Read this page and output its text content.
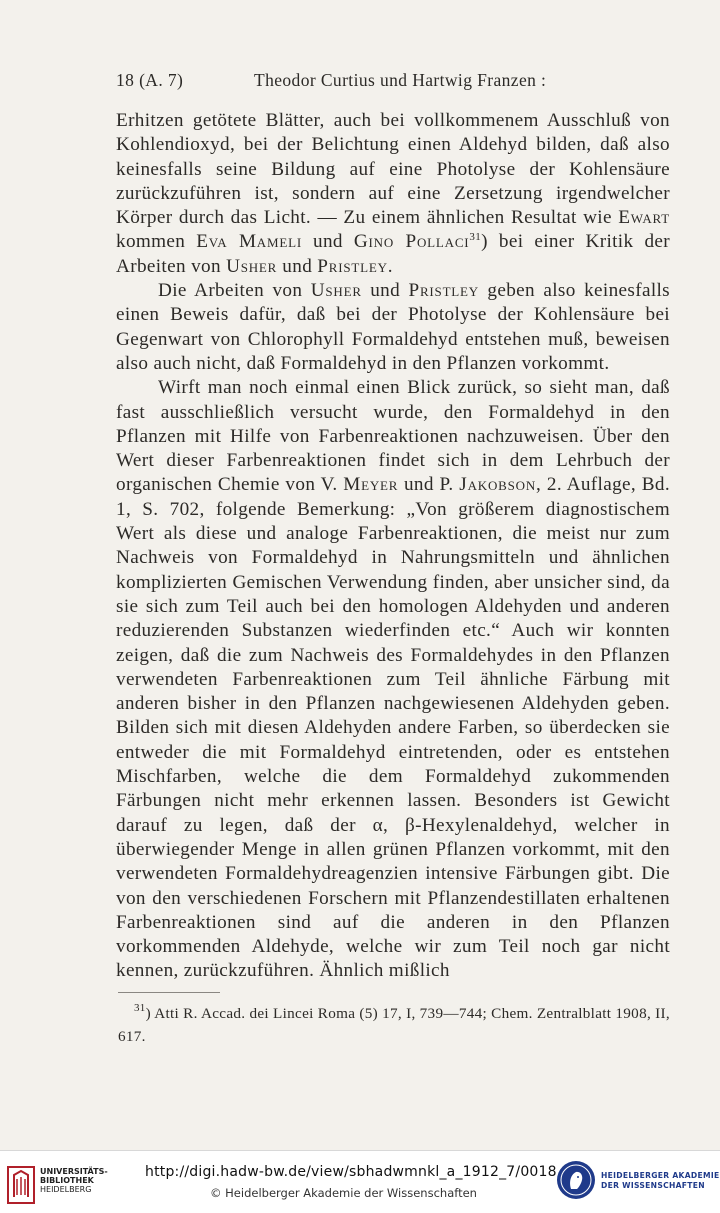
18 (A. 7)	Theodor Curtius und Hartwig Franzen :

Erhitzen getötete Blätter, auch bei vollkommenem Ausschluß von Kohlendioxyd, bei der Belichtung einen Aldehyd bilden, daß also keinesfalls seine Bildung auf eine Photolyse der Kohlensäure zurückzuführen ist, sondern auf eine Zersetzung irgendwelcher Körper durch das Licht. — Zu einem ähnlichen Resultat wie Ewart kommen Eva Mameli und Gino Pollaci$^{31}$) bei einer Kritik der Arbeiten von Usher und Pristley.

Die Arbeiten von Usher und Pristley geben also keinesfalls einen Beweis dafür, daß bei der Photolyse der Kohlensäure bei Gegenwart von Chlorophyll Formaldehyd entstehen muß, beweisen also auch nicht, daß Formaldehyd in den Pflanzen vorkommt.

Wirft man noch einmal einen Blick zurück, so sieht man, daß fast ausschließlich versucht wurde, den Formaldehyd in den Pflanzen mit Hilfe von Farbenreaktionen nachzuweisen. Über den Wert dieser Farbenreaktionen findet sich in dem Lehrbuch der organischen Chemie von V. Meyer und P. Jakobson, 2. Auflage, Bd. 1, S. 702, folgende Bemerkung: „Von größerem diagnostischem Wert als diese und analoge Farbenreaktionen, die meist nur zum Nachweis von Formaldehyd in Nahrungsmitteln und ähnlichen komplizierten Gemischen Verwendung finden, aber unsicher sind, da sie sich zum Teil auch bei den homologen Aldehyden und anderen reduzierenden Substanzen wiederfinden etc.“ Auch wir konnten zeigen, daß die zum Nachweis des Formaldehydes in den Pflanzen verwendeten Farbenreaktionen zum Teil ähnliche Färbung mit anderen bisher in den Pflanzen nachgewiesenen Aldehyden geben. Bilden sich mit diesen Aldehyden andere Farben, so überdecken sie entweder die mit Formaldehyd eintretenden, oder es entstehen Mischfarben, welche die dem Formaldehyd zukommenden Färbungen nicht mehr erkennen lassen. Besonders ist Gewicht darauf zu legen, daß der α, β-Hexylenaldehyd, welcher in überwiegender Menge in allen grünen Pflanzen vorkommt, mit den verwendeten Formaldehydreagenzien intensive Färbungen gibt. Die von den verschiedenen Forschern mit Pflanzendestillaten erhaltenen Farbenreaktionen sind auf die anderen in den Pflanzen vorkommenden Aldehyde, welche wir zum Teil noch gar nicht kennen, zurückzuführen. Ähnlich mißlich

$^{31}$) Atti R. Accad. dei Lincei Roma (5) 17, I, 739—744; Chem. Zentralblatt 1908, II, 617.
UNIVERSITÄTS-
BIBLIOTHEK
HEIDELBERG
http://digi.hadw-bw.de/view/sbhadwmnkl_a_1912_7/0018
© Heidelberger Akademie der Wissenschaften
HEIDELBERGER AKADEMIE
DER WISSENSCHAFTEN
